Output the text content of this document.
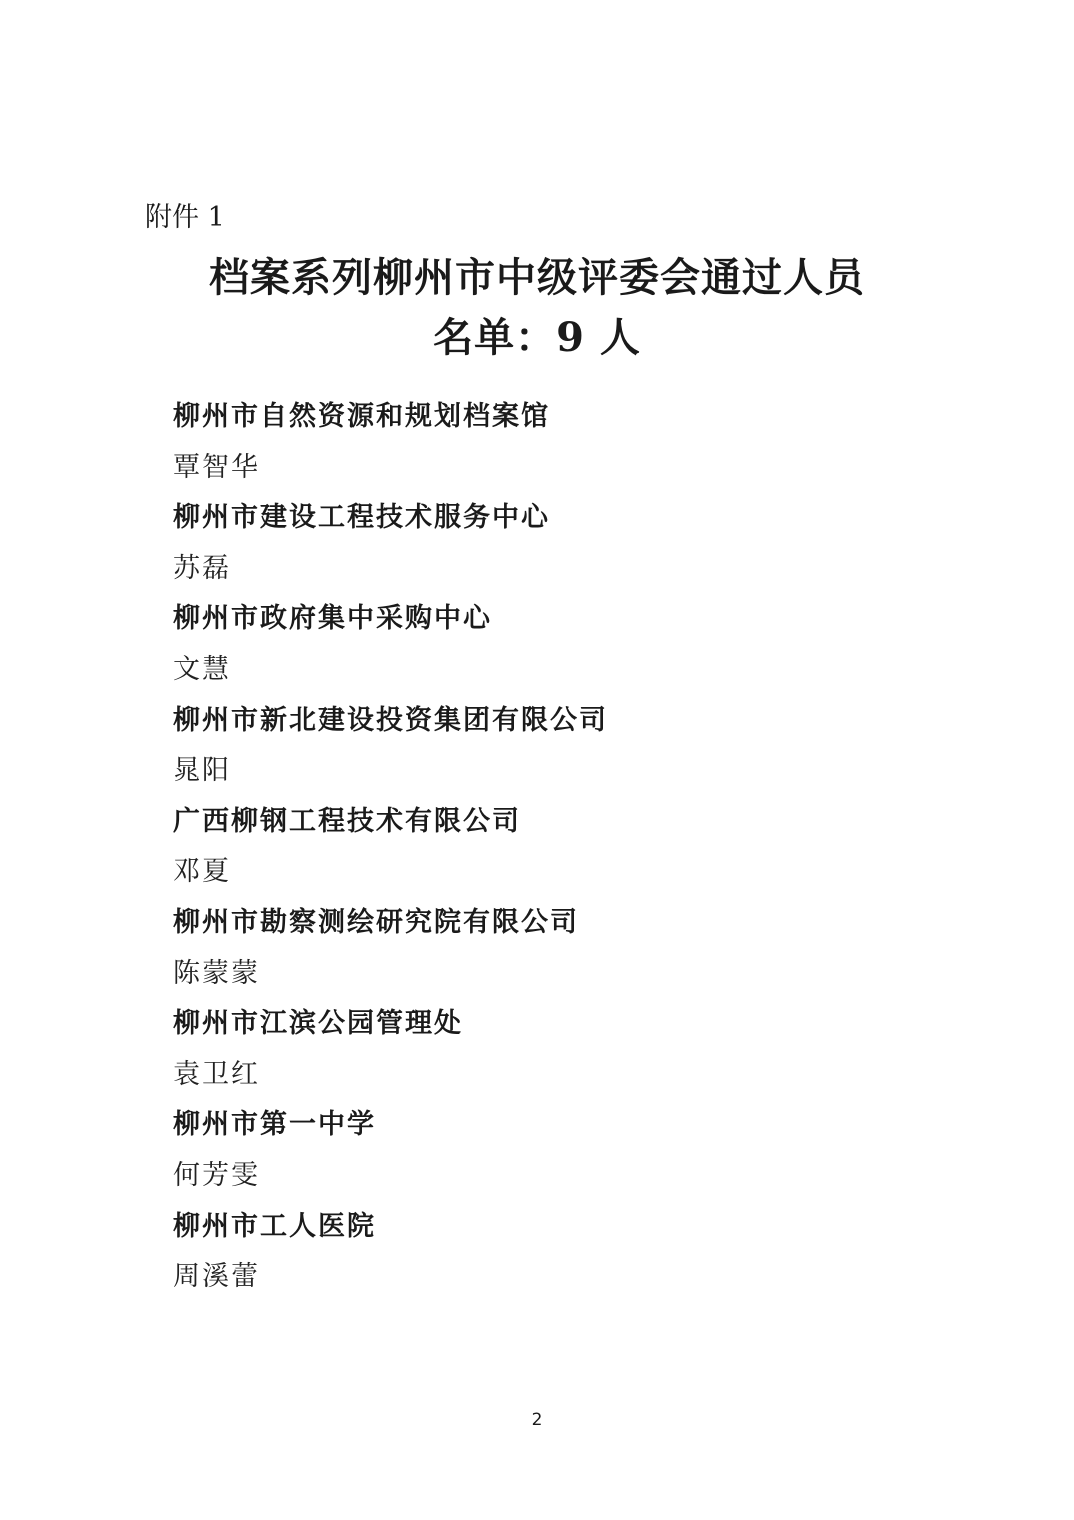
附件 1
档案系列柳州市中级评委会通过人员
名单：9 人
柳州市自然资源和规划档案馆
覃智华
柳州市建设工程技术服务中心
苏磊
柳州市政府集中采购中心
文慧
柳州市新北建设投资集团有限公司
晁阳
广西柳钢工程技术有限公司
邓夏
柳州市勘察测绘研究院有限公司
陈蒙蒙
柳州市江滨公园管理处
袁卫红
柳州市第一中学
何芳雯
柳州市工人医院
周溪蕾
2
